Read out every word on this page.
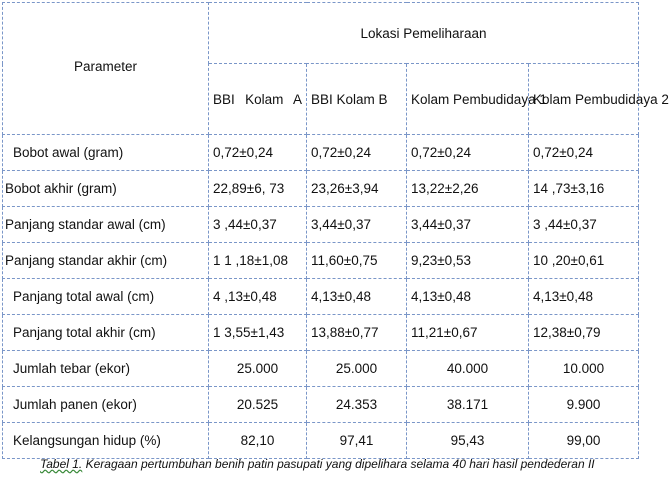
Parameter	Lokasi Pemeliharaan			
	BBI Kolam A	BBI Kolam B	Kolam Pembudidaya 1	Kolam Pembudidaya 2
Bobot awal (gram)	0,72±0,24	0,72±0,24	0,72±0,24	0,72±0,24
Bobot akhir (gram)	22,89±6, 73	23,26±3,94	13,22±2,26	14 ,73±3,16
Panjang standar awal (cm)	3 ,44±0,37	3,44±0,37	3,44±0,37	3 ,44±0,37
Panjang standar akhir (cm)	1 1 ,18±1,08	11,60±0,75	9,23±0,53	10 ,20±0,61
Panjang total awal (cm)	4 ,13±0,48	4,13±0,48	4,13±0,48	4,13±0,48
Panjang total akhir (cm)	1 3,55±1,43	13,88±0,77	11,21±0,67	12,38±0,79
Jumlah tebar (ekor)	25.000	25.000	40.000	10.000
Jumlah panen (ekor)	20.525	24.353	38.171	9.900
Kelangsungan hidup (%)	82,10	97,41	95,43	99,00
Tabel 1. Keragaan pertumbuhan benih patin pasupati yang dipelihara selama 40 hari hasil pendederan II
